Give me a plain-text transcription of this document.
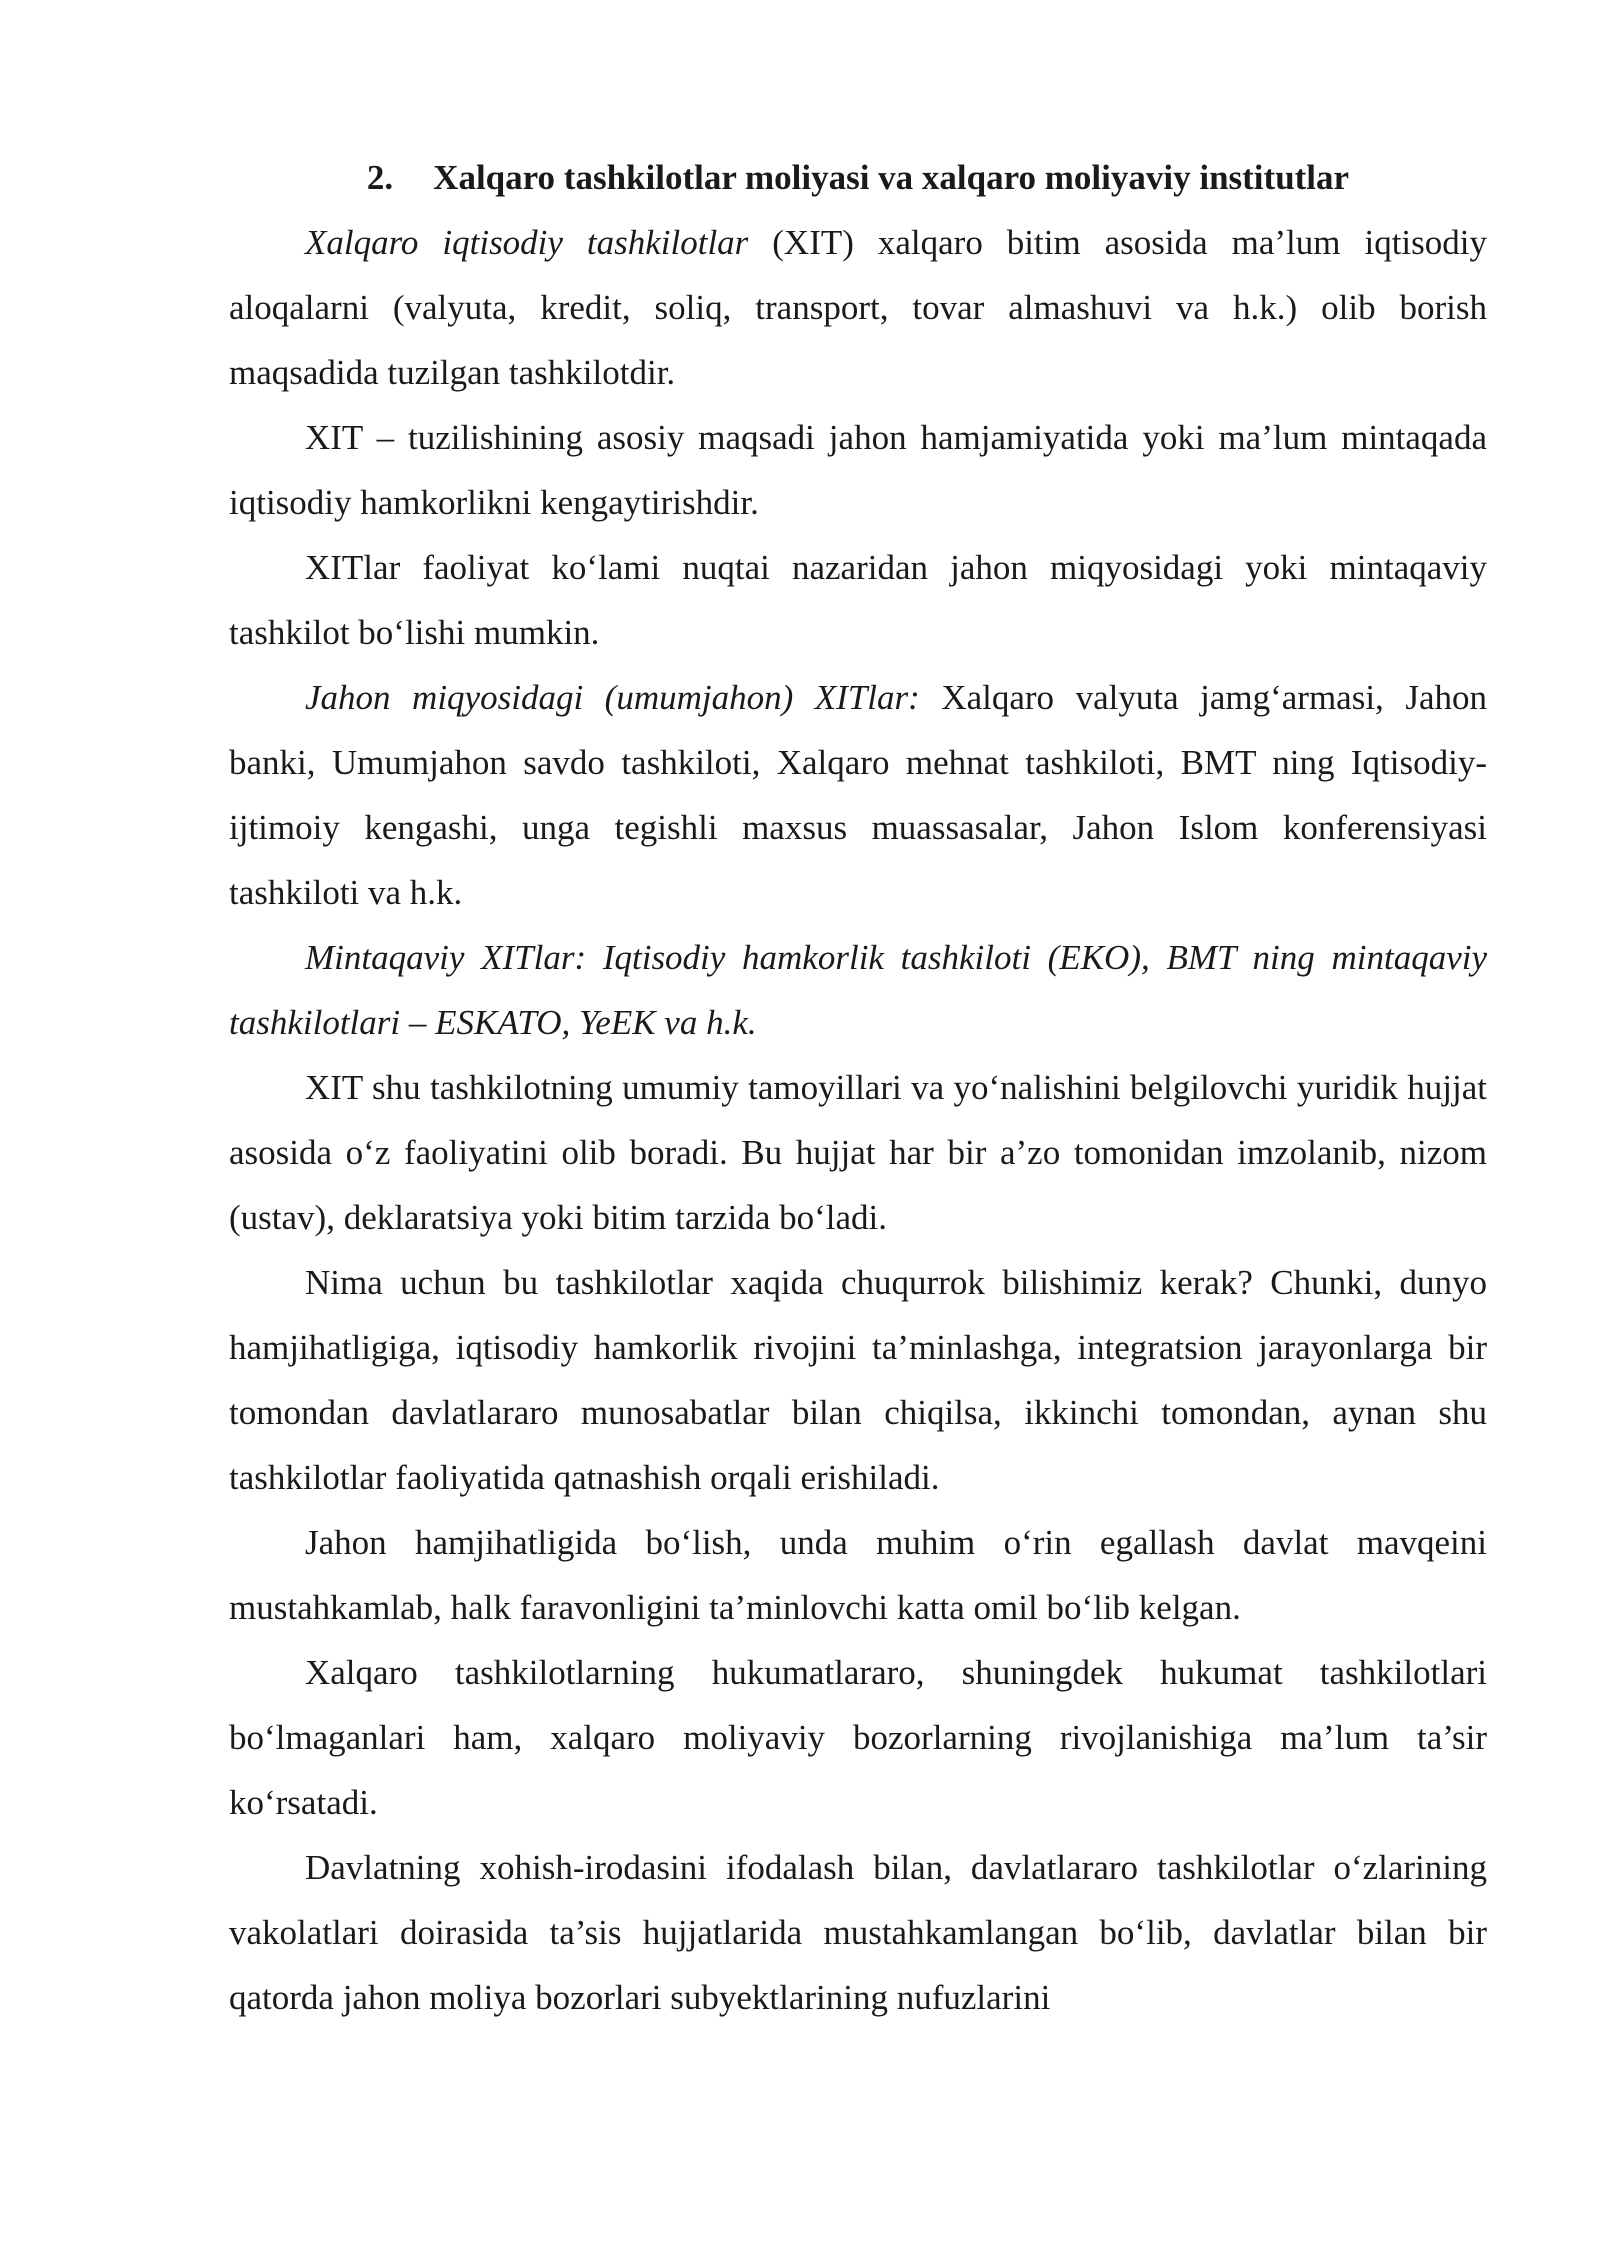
2. Xalqaro tashkilotlar moliyasi va xalqaro moliyaviy institutlar

Xalqaro iqtisodiy tashkilotlar (XIT) xalqaro bitim asosida ma’lum iqtisodiy aloqalarni (valyuta, kredit, soliq, transport, tovar almashuvi va h.k.) olib borish maqsadida tuzilgan tashkilotdir.

XIT – tuzilishining asosiy maqsadi jahon hamjamiyatida yoki ma’lum mintaqada iqtisodiy hamkorlikni kengaytirishdir.

XITlar faoliyat ko‘lami nuqtai nazaridan jahon miqyosidagi yoki mintaqaviy tashkilot bo‘lishi mumkin.

Jahon miqyosidagi (umumjahon) XITlar: Xalqaro valyuta jamg‘armasi, Jahon banki, Umumjahon savdo tashkiloti, Xalqaro mehnat tashkiloti, BMT ning Iqtisodiy-ijtimoiy kengashi, unga tegishli maxsus muassasalar, Jahon Islom konferensiyasi tashkiloti va h.k.

Mintaqaviy XITlar: Iqtisodiy hamkorlik tashkiloti (EKO), BMT ning mintaqaviy tashkilotlari – ESKATO, YeEK va h.k.

XIT shu tashkilotning umumiy tamoyillari va yo‘nalishini belgilovchi yuridik hujjat asosida o‘z faoliyatini olib boradi. Bu hujjat har bir a’zo tomonidan imzolanib, nizom (ustav), deklaratsiya yoki bitim tarzida bo‘ladi.

Nima uchun bu tashkilotlar xaqida chuqurrok bilishimiz kerak? Chunki, dunyo hamjihatligiga, iqtisodiy hamkorlik rivojini ta’minlashga, integratsion jarayonlarga bir tomondan davlatlararo munosabatlar bilan chiqilsa, ikkinchi tomondan, aynan shu tashkilotlar faoliyatida qatnashish orqali erishiladi.

Jahon hamjihatligida bo‘lish, unda muhim o‘rin egallash davlat mavqeini mustahkamlab, halk faravonligini ta’minlovchi katta omil bo‘lib kelgan.

Xalqaro tashkilotlarning hukumatlararo, shuningdek hukumat tashkilotlari bo‘lmaganlari ham, xalqaro moliyaviy bozorlarning rivojlanishiga ma’lum ta’sir ko‘rsatadi.

Davlatning xohish-irodasini ifodalash bilan, davlatlararo tashkilotlar o‘zlarining vakolatlari doirasida ta’sis hujjatlarida mustahkamlangan bo‘lib, davlatlar bilan bir qatorda jahon moliya bozorlari subyektlarining nufuzlarini
